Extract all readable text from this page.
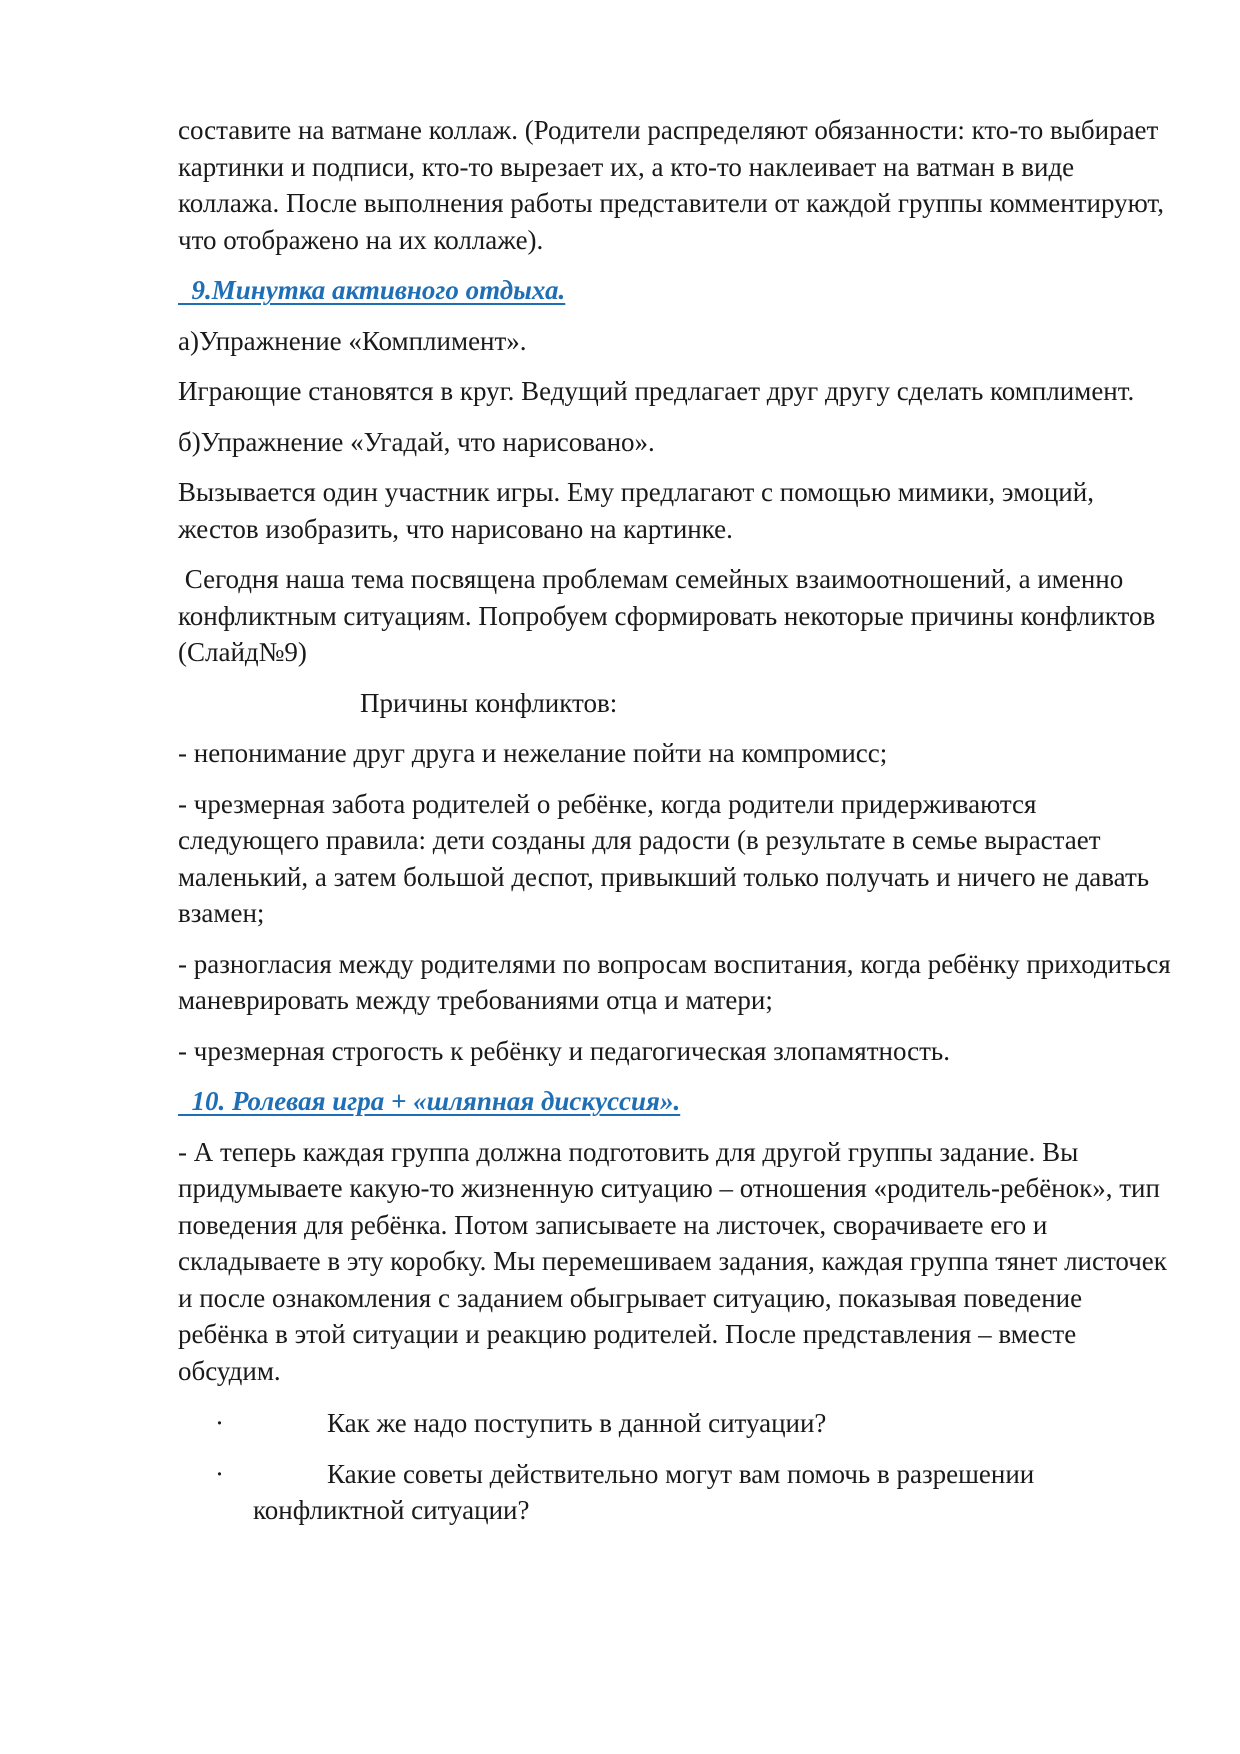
составите на ватмане коллаж. (Родители распределяют обязанности: кто-то выбирает картинки и подписи, кто-то вырезает их, а кто-то наклеивает на ватман в виде коллажа. После выполнения работы представители от каждой группы комментируют, что отображено на их коллаже).

9.Минутка активного отдыха.

а)Упражнение «Комплимент».

Играющие становятся в круг. Ведущий предлагает друг другу сделать комплимент.

б)Упражнение «Угадай, что нарисовано».

Вызывается один участник игры. Ему предлагают с помощью мимики, эмоций, жестов изобразить, что нарисовано на картинке.

Сегодня наша тема посвящена проблемам семейных взаимоотношений, а именно конфликтным ситуациям. Попробуем сформировать некоторые причины конфликтов (Слайд№9)

Причины конфликтов:

- непонимание друг друга и нежелание пойти на компромисс;

- чрезмерная забота родителей о ребёнке, когда родители придерживаются следующего правила: дети созданы для радости (в результате в семье вырастает маленький, а затем большой деспот, привыкший только получать и ничего не давать взамен;

- разногласия между родителями по вопросам воспитания, когда ребёнку приходиться маневрировать между требованиями отца и матери;

- чрезмерная строгость к ребёнку и педагогическая злопамятность.

10. Ролевая игра + «шляпная дискуссия».

- А теперь каждая группа должна подготовить для другой группы задание. Вы придумываете какую-то жизненную ситуацию – отношения «родитель-ребёнок», тип поведения для ребёнка. Потом записываете на листочек, сворачиваете его и складываете в эту коробку. Мы перемешиваем задания, каждая группа тянет листочек и после ознакомления с заданием обыгрывает ситуацию, показывая поведение ребёнка в этой ситуации и реакцию родителей. После представления – вместе обсудим.

·	Как же надо поступить в данной ситуации?

·	Какие советы действительно могут вам помочь в разрешении конфликтной ситуации?
